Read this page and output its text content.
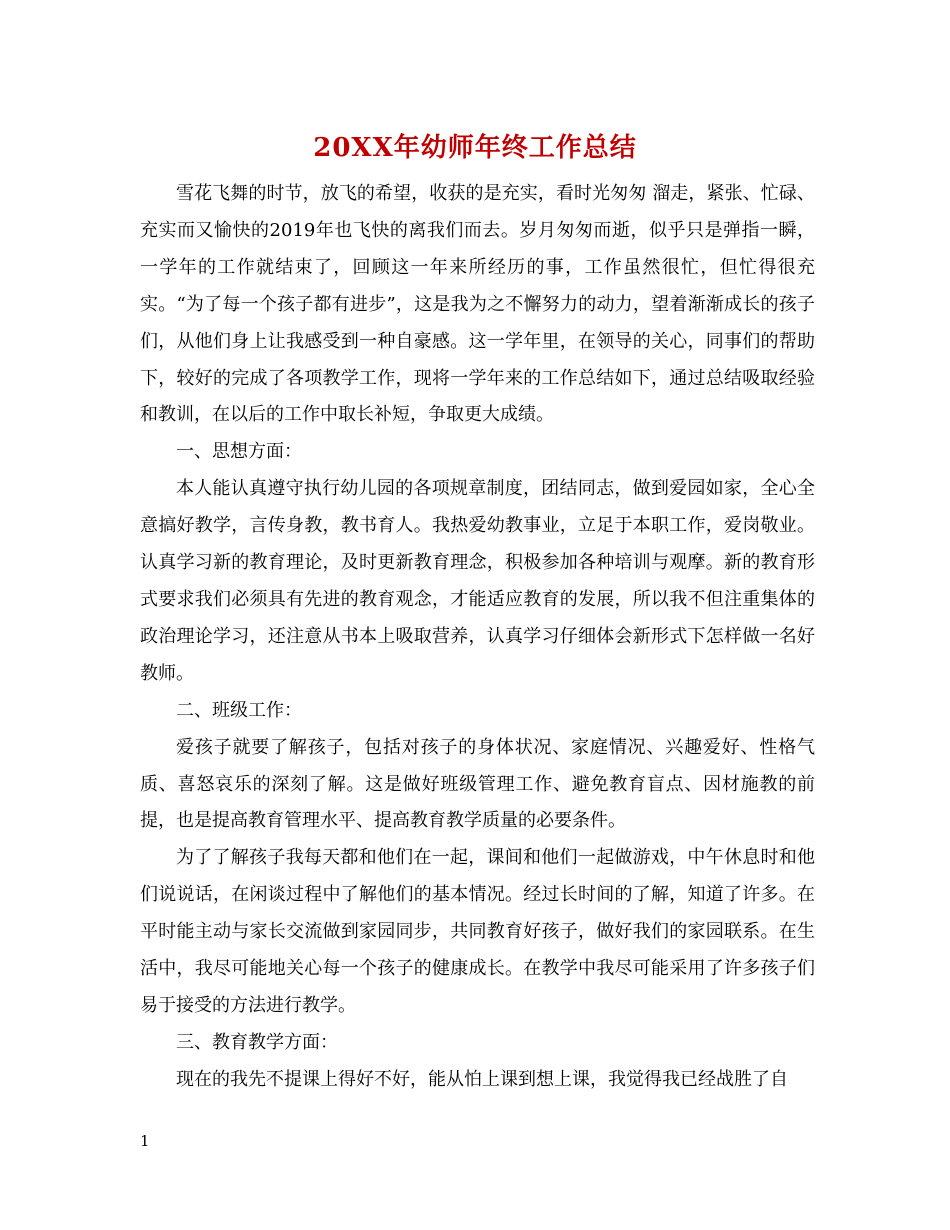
20XX年幼师年终工作总结

雪花飞舞的时节，放飞的希望，收获的是充实，看时光匆匆 溜走，紧张、忙碌、充实而又愉快的2019年也飞快的离我们而去。岁月匆匆而逝，似乎只是弹指一瞬，一学年的工作就结束了，回顾这一年来所经历的事，工作虽然很忙，但忙得很充实。“为了每一个孩子都有进步”，这是我为之不懈努力的动力，望着渐渐成长的孩子们，从他们身上让我感受到一种自豪感。这一学年里，在领导的关心，同事们的帮助下，较好的完成了各项教学工作，现将一学年来的工作总结如下，通过总结吸取经验和教训，在以后的工作中取长补短，争取更大成绩。

一、思想方面：

本人能认真遵守执行幼儿园的各项规章制度，团结同志，做到爱园如家，全心全意搞好教学，言传身教，教书育人。我热爱幼教事业，立足于本职工作，爱岗敬业。认真学习新的教育理论，及时更新教育理念，积极参加各种培训与观摩。新的教育形式要求我们必须具有先进的教育观念，才能适应教育的发展，所以我不但注重集体的政治理论学习，还注意从书本上吸取营养，认真学习仔细体会新形式下怎样做一名好教师。

二、班级工作：

爱孩子就要了解孩子，包括对孩子的身体状况、家庭情况、兴趣爱好、性格气质、喜怒哀乐的深刻了解。这是做好班级管理工作、避免教育盲点、因材施教的前提，也是提高教育管理水平、提高教育教学质量的必要条件。

为了了解孩子我每天都和他们在一起，课间和他们一起做游戏，中午休息时和他们说说话，在闲谈过程中了解他们的基本情况。经过长时间的了解，知道了许多。在平时能主动与家长交流做到家园同步，共同教育好孩子，做好我们的家园联系。在生活中，我尽可能地关心每一个孩子的健康成长。在教学中我尽可能采用了许多孩子们易于接受的方法进行教学。

三、教育教学方面：

现在的我先不提课上得好不好，能从怕上课到想上课，我觉得我已经战胜了自

1
